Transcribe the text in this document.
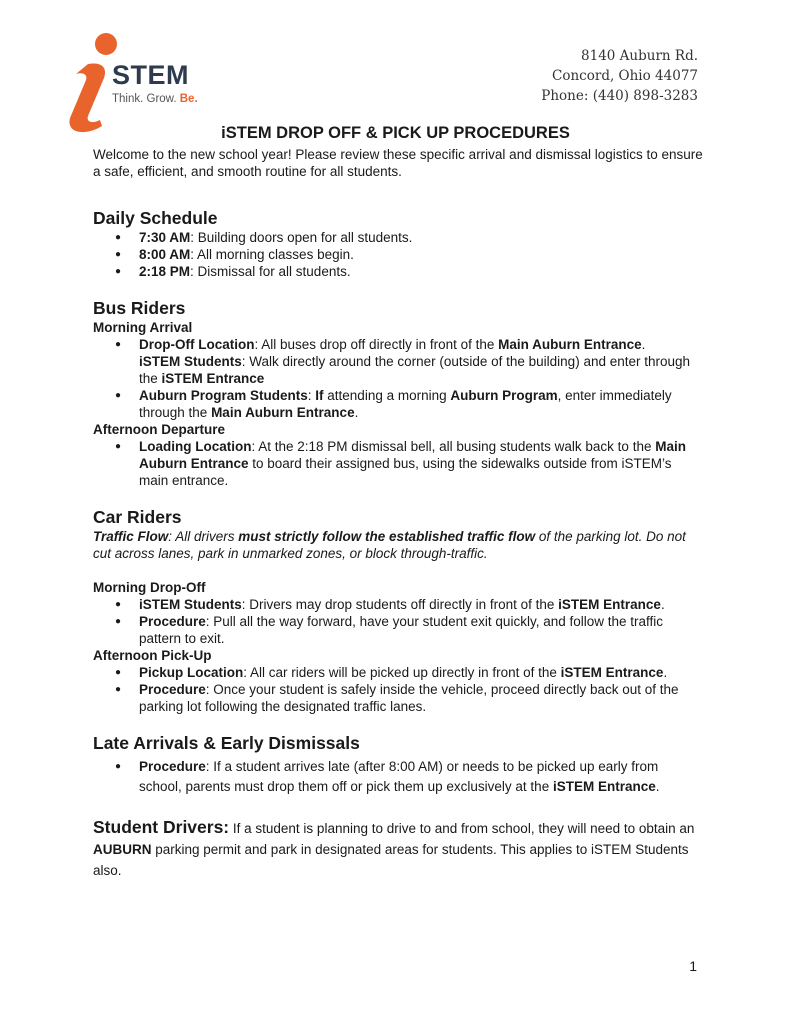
STEM
Think. Grow. Be.
8140 Auburn Rd.
Concord, Ohio 44077
Phone: (440) 898-3283
iSTEM DROP OFF & PICK UP PROCEDURES

Welcome to the new school year! Please review these specific arrival and dismissal logistics to ensure a safe, efficient, and smooth routine for all students.

Daily Schedule
● 7:30 AM: Building doors open for all students.
● 8:00 AM: All morning classes begin.
● 2:18 PM: Dismissal for all students.
Bus Riders
Morning Arrival
● Drop-Off Location: All buses drop off directly in front of the Main Auburn Entrance.
iSTEM Students: Walk directly around the corner (outside of the building) and enter through the iSTEM Entrance
● Auburn Program Students: If attending a morning Auburn Program, enter immediately through the Main Auburn Entrance.
Afternoon Departure
● Loading Location: At the 2:18 PM dismissal bell, all busing students walk back to the Main Auburn Entrance to board their assigned bus, using the sidewalks outside from iSTEM’s main entrance.
Car Riders

Traffic Flow: All drivers must strictly follow the established traffic flow of the parking lot. Do not cut across lanes, park in unmarked zones, or block through-traffic.

Morning Drop-Off
● iSTEM Students: Drivers may drop students off directly in front of the iSTEM Entrance.
● Procedure: Pull all the way forward, have your student exit quickly, and follow the traffic pattern to exit.
Afternoon Pick-Up
● Pickup Location: All car riders will be picked up directly in front of the iSTEM Entrance.
● Procedure: Once your student is safely inside the vehicle, proceed directly back out of the parking lot following the designated traffic lanes.
Late Arrivals & Early Dismissals
● Procedure: If a student arrives late (after 8:00 AM) or needs to be picked up early from school, parents must drop them off or pick them up exclusively at the iSTEM Entrance.

Student Drivers: If a student is planning to drive to and from school, they will need to obtain an AUBURN parking permit and park in designated areas for students. This applies to iSTEM Students also.

1
